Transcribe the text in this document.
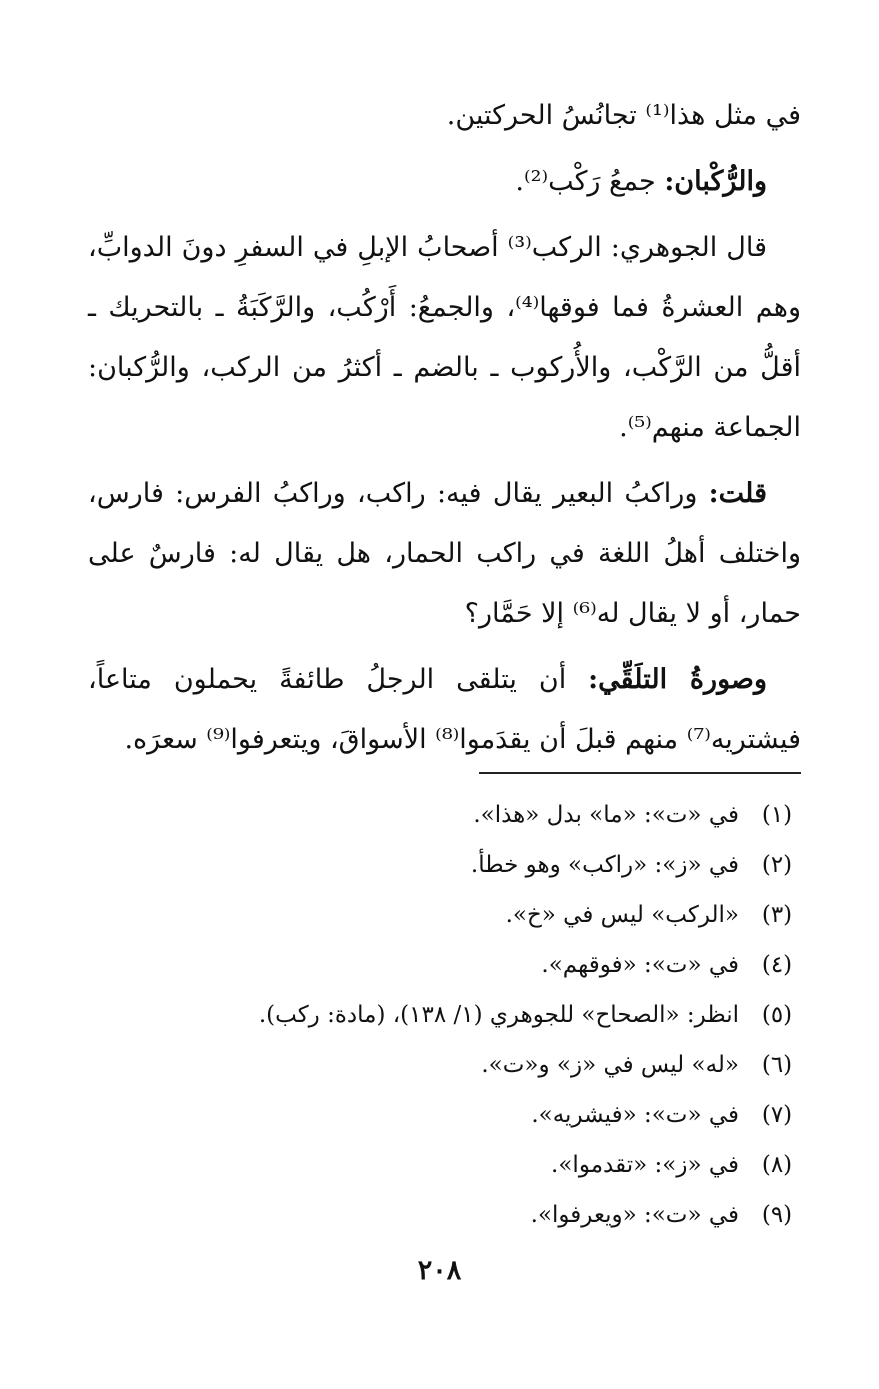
في مثل هذا⁽¹⁾ تجانُسُ الحركتين.

والرُّكْبان: جمعُ رَكْب⁽²⁾.

قال الجوهري: الركب⁽³⁾ أصحابُ الإبلِ في السفرِ دونَ الدوابِّ، وهم العشرةُ فما فوقها⁽⁴⁾، والجمعُ: أَرْكُب، والرَّكَبَةُ ـ بالتحريك ـ أقلُّ من الرَّكْب، والأُركوب ـ بالضم ـ أكثرُ من الركب، والرُّكبان: الجماعة منهم⁽⁵⁾.

قلت: وراكبُ البعير يقال فيه: راكب، وراكبُ الفرس: فارس، واختلف أهلُ اللغة في راكب الحمار، هل يقال له: فارسٌ على حمار، أو لا يقال له⁽⁶⁾ إلا حَمَّار؟

وصورةُ التلَقِّي: أن يتلقى الرجلُ طائفةً يحملون متاعاً، فيشتريه⁽⁷⁾ منهم قبلَ أن يقدَموا⁽⁸⁾ الأسواقَ، ويتعرفوا⁽⁹⁾ سعرَه.

(١)
في «ت»: «ما» بدل «هذا».
(٢)
في «ز»: «راكب» وهو خطأ.
(٣)
«الركب» ليس في «خ».
(٤)
في «ت»: «فوقهم».
(٥)
انظر: «الصحاح» للجوهري (١/ ١٣٨)، (مادة: ركب).
(٦)
«له» ليس في «ز» و«ت».
(٧)
في «ت»: «فيشريه».
(٨)
في «ز»: «تقدموا».
(٩)
في «ت»: «ويعرفوا».
٢٠٨
